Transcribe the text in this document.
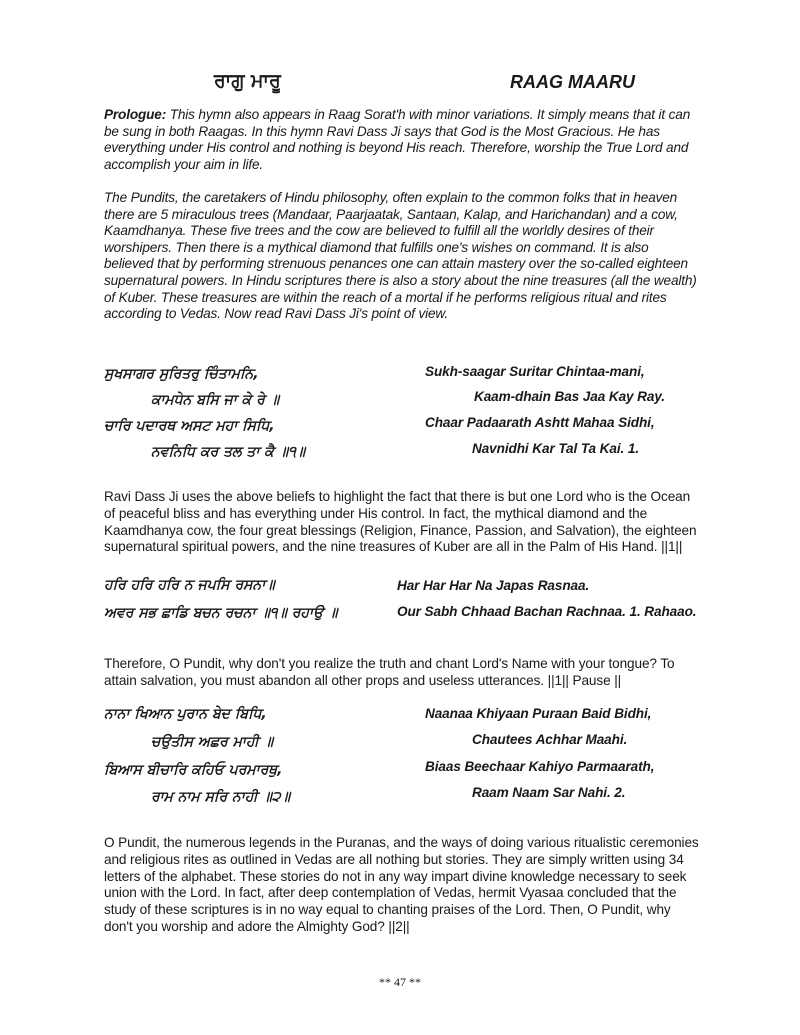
ਰਾਗੁ ਮਾਰੂ	RAAG MAARU

Prologue: This hymn also appears in Raag Sorat'h with minor variations. It simply means that it can be sung in both Raagas. In this hymn Ravi Dass Ji says that God is the Most Gracious. He has everything under His control and nothing is beyond His reach. Therefore, worship the True Lord and accomplish your aim in life.

The Pundits, the caretakers of Hindu philosophy, often explain to the common folks that in heaven there are 5 miraculous trees (Mandaar, Paarjaatak, Santaan, Kalap, and Harichandan) and a cow, Kaamdhanya. These five trees and the cow are believed to fulfill all the worldly desires of their worshipers. Then there is a mythical diamond that fulfills one's wishes on command. It is also believed that by performing strenuous penances one can attain mastery over the so-called eighteen supernatural powers. In Hindu scriptures there is also a story about the nine treasures (all the wealth) of Kuber. These treasures are within the reach of a mortal if he performs religious ritual and rites according to Vedas. Now read Ravi Dass Ji's point of view.

ਸੁਖਸਾਗਰ ਸੁਰਿਤਰੁ ਚਿੰਤਾਮਨਿ,
ਕਾਮਧੇਨ ਬਸਿ ਜਾ ਕੇ ਰੇ ॥
ਚਾਰਿ ਪਦਾਰਥ ਅਸਟ ਮਹਾ ਸਿਧਿ,
ਨਵਨਿਧਿ ਕਰ ਤਲ ਤਾ ਕੈ ॥੧॥
Sukh-saagar Suritar Chintaa-mani,
Kaam-dhain Bas Jaa Kay Ray.
Chaar Padaarath Ashtt Mahaa Sidhi,
Navnidhi Kar Tal Ta Kai. 1.
Ravi Dass Ji uses the above beliefs to highlight the fact that there is but one Lord who is the Ocean of peaceful bliss and has everything under His control. In fact, the mythical diamond and the Kaamdhanya cow, the four great blessings (Religion, Finance, Passion, and Salvation), the eighteen supernatural spiritual powers, and the nine treasures of Kuber are all in the Palm of His Hand. ||1||
ਹਰਿ ਹਰਿ ਹਰਿ ਨ ਜਪਸਿ ਰਸਨਾ॥
ਅਵਰ ਸਭ ਛਾਡਿ ਬਚਨ ਰਚਨਾ ॥੧॥ ਰਹਾਉ ॥
Har Har Har Na Japas Rasnaa.
Our Sabh Chhaad Bachan Rachnaa. 1. Rahaao.
Therefore, O Pundit, why don't you realize the truth and chant Lord's Name with your tongue? To attain salvation, you must abandon all other props and useless utterances. ||1|| Pause ||
ਨਾਨਾ ਖਿਆਨ ਪੁਰਾਨ ਬੇਦ ਬਿਧਿ,
ਚਉਤੀਸ ਅਛਰ ਮਾਹੀ ॥
ਬਿਆਸ ਬੀਚਾਰਿ ਕਹਿਓ ਪਰਮਾਰਥੁ,
ਰਾਮ ਨਾਮ ਸਰਿ ਨਾਹੀ ॥੨॥
Naanaa Khiyaan Puraan Baid Bidhi,
Chautees Achhar Maahi.
Biaas Beechaar Kahiyo Parmaarath,
Raam Naam Sar Nahi. 2.
O Pundit, the numerous legends in the Puranas, and the ways of doing various ritualistic ceremonies and religious rites as outlined in Vedas are all nothing but stories. They are simply written using 34 letters of the alphabet. These stories do not in any way impart divine knowledge necessary to seek union with the Lord. In fact, after deep contemplation of Vedas, hermit Vyasaa concluded that the study of these scriptures is in no way equal to chanting praises of the Lord. Then, O Pundit, why don't you worship and adore the Almighty God? ||2||
** 47 **
